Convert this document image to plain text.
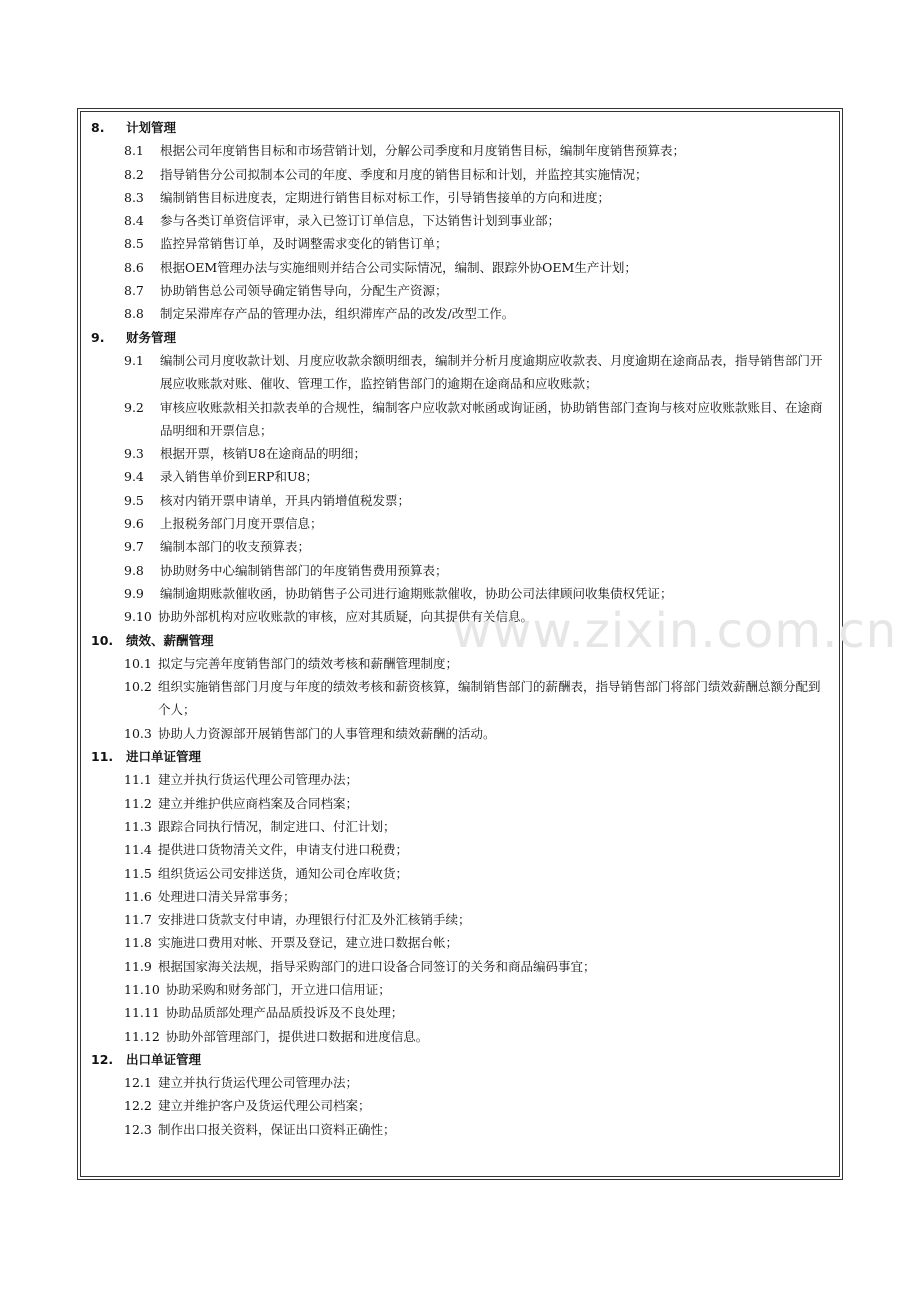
8.	计划管理
8.1	根据公司年度销售目标和市场营销计划，分解公司季度和月度销售目标，编制年度销售预算表；
8.2	指导销售分公司拟制本公司的年度、季度和月度的销售目标和计划，并监控其实施情况；
8.3	编制销售目标进度表，定期进行销售目标对标工作，引导销售接单的方向和进度；
8.4	参与各类订单资信评审，录入已签订订单信息，下达销售计划到事业部；
8.5	监控异常销售订单，及时调整需求变化的销售订单；
8.6	根据OEM管理办法与实施细则并结合公司实际情况，编制、跟踪外协OEM生产计划；
8.7	协助销售总公司领导确定销售导向，分配生产资源；
8.8	制定呆滞库存产品的管理办法，组织滞库产品的改发/改型工作。
9.	财务管理
9.1	编制公司月度收款计划、月度应收款余额明细表，编制并分析月度逾期应收款表、月度逾期在途商品表，指导销售部门开展应收账款对账、催收、管理工作，监控销售部门的逾期在途商品和应收账款；
9.2	审核应收账款相关扣款表单的合规性，编制客户应收款对帐函或询证函，协助销售部门查询与核对应收账款账目、在途商品明细和开票信息；
9.3	根据开票，核销U8在途商品的明细；
9.4	录入销售单价到ERP和U8；
9.5	核对内销开票申请单，开具内销增值税发票；
9.6	上报税务部门月度开票信息；
9.7	编制本部门的收支预算表；
9.8	协助财务中心编制销售部门的年度销售费用预算表；
9.9	编制逾期账款催收函，协助销售子公司进行逾期账款催收，协助公司法律顾问收集债权凭证；
9.10 协助外部机构对应收账款的审核，应对其质疑，向其提供有关信息。
10.	绩效、薪酬管理
10.1 拟定与完善年度销售部门的绩效考核和薪酬管理制度；
10.2 组织实施销售部门月度与年度的绩效考核和薪资核算，编制销售部门的薪酬表，指导销售部门将部门绩效薪酬总额分配到个人；
10.3 协助人力资源部开展销售部门的人事管理和绩效薪酬的活动。
11.	进口单证管理
11.1 建立并执行货运代理公司管理办法；
11.2 建立并维护供应商档案及合同档案；
11.3 跟踪合同执行情况，制定进口、付汇计划；
11.4 提供进口货物清关文件，申请支付进口税费；
11.5 组织货运公司安排送货，通知公司仓库收货；
11.6 处理进口清关异常事务；
11.7 安排进口货款支付申请，办理银行付汇及外汇核销手续；
11.8 实施进口费用对帐、开票及登记，建立进口数据台帐；
11.9 根据国家海关法规，指导采购部门的进口设备合同签订的关务和商品编码事宜；
11.10 协助采购和财务部门，开立进口信用证；
11.11 协助品质部处理产品品质投诉及不良处理；
11.12 协助外部管理部门，提供进口数据和进度信息。
12.	出口单证管理
12.1 建立并执行货运代理公司管理办法；
12.2 建立并维护客户及货运代理公司档案；
12.3 制作出口报关资料，保证出口资料正确性；
www.zixin.com.cn
